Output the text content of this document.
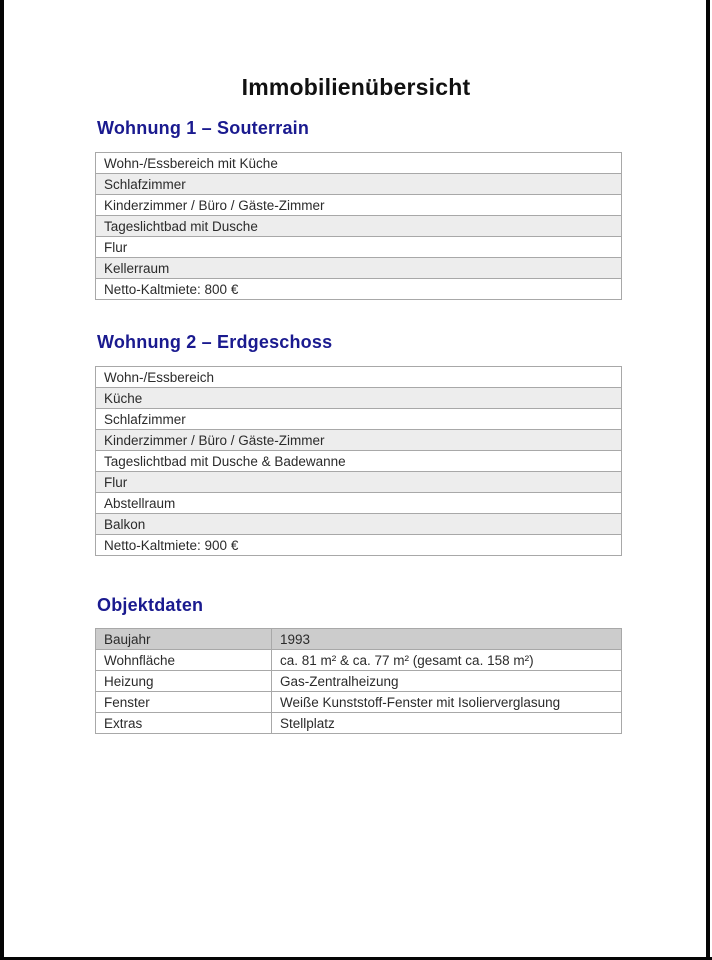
Immobilienübersicht
Wohnung 1 – Souterrain
Wohn-/Essbereich mit Küche
Schlafzimmer
Kinderzimmer / Büro / Gäste-Zimmer
Tageslichtbad mit Dusche
Flur
Kellerraum
Netto-Kaltmiete: 800 €
Wohnung 2 – Erdgeschoss
Wohn-/Essbereich
Küche
Schlafzimmer
Kinderzimmer / Büro / Gäste-Zimmer
Tageslichtbad mit Dusche & Badewanne
Flur
Abstellraum
Balkon
Netto-Kaltmiete: 900 €
Objektdaten
Baujahr	1993
Wohnfläche	ca. 81 m² & ca. 77 m² (gesamt ca. 158 m²)
Heizung	Gas-Zentralheizung
Fenster	Weiße Kunststoff-Fenster mit Isolierverglasung
Extras	Stellplatz
